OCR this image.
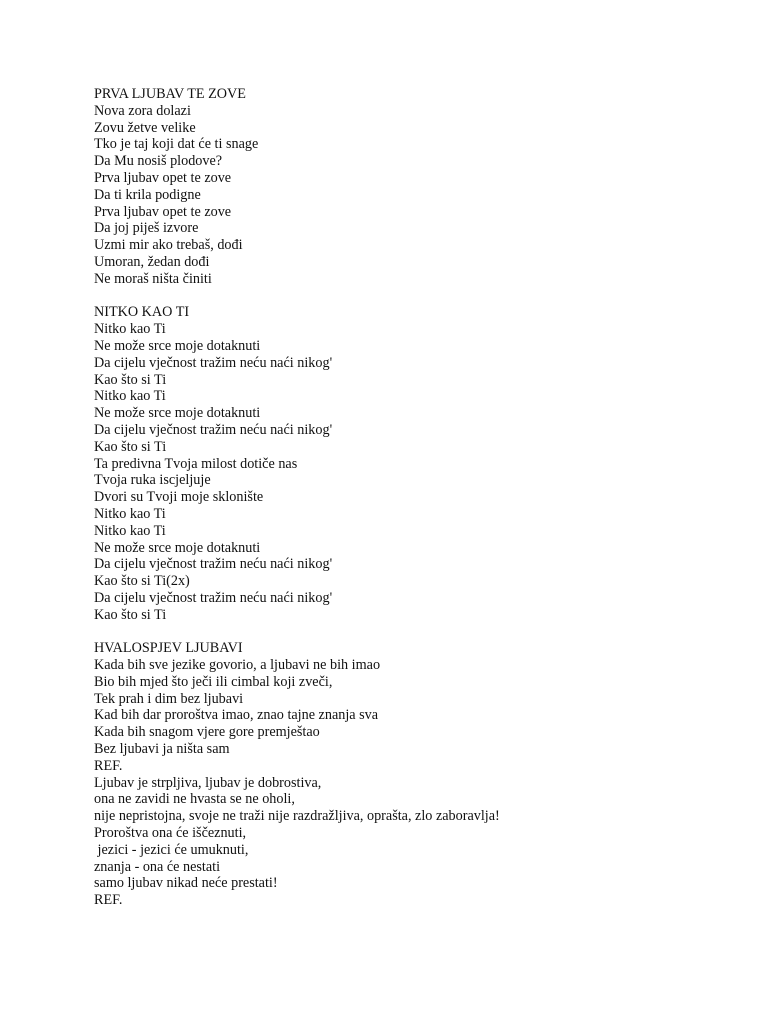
PRVA LJUBAV TE ZOVE
Nova zora dolazi
Zovu žetve velike
Tko je taj koji dat će ti snage
Da Mu nosiš plodove?
Prva ljubav opet te zove
Da ti krila podigne
Prva ljubav opet te zove
Da joj piješ izvore
Uzmi mir ako trebaš, dođi
Umoran, žedan dođi
Ne moraš ništa činiti
NITKO KAO TI
Nitko kao Ti
Ne može srce moje dotaknuti
Da cijelu vječnost tražim neću naći nikog'
Kao što si Ti
Nitko kao Ti
Ne može srce moje dotaknuti
Da cijelu vječnost tražim neću naći nikog'
Kao što si Ti
Ta predivna Tvoja milost dotiče nas
Tvoja ruka iscjeljuje
Dvori su Tvoji moje sklonište
Nitko kao Ti
Nitko kao Ti
Ne može srce moje dotaknuti
Da cijelu vječnost tražim neću naći nikog'
Kao što si Ti(2x)
Da cijelu vječnost tražim neću naći nikog'
Kao što si Ti
HVALOSPJEV LJUBAVI
Kada bih sve jezike govorio, a ljubavi ne bih imao
Bio bih mjed što ječi ili cimbal koji zveči,
Tek prah i dim bez ljubavi
Kad bih dar proroštva imao, znao tajne znanja sva
Kada bih snagom vjere gore premještao
Bez ljubavi ja ništa sam
REF.
Ljubav je strpljiva, ljubav je dobrostiva,
ona ne zavidi ne hvasta se ne oholi,
nije nepristojna, svoje ne traži nije razdražljiva, oprašta, zlo zaboravlja!
Proroštva ona će iščeznuti,
jezici - jezici će umuknuti,
znanja - ona će nestati
samo ljubav nikad neće prestati!
REF.
